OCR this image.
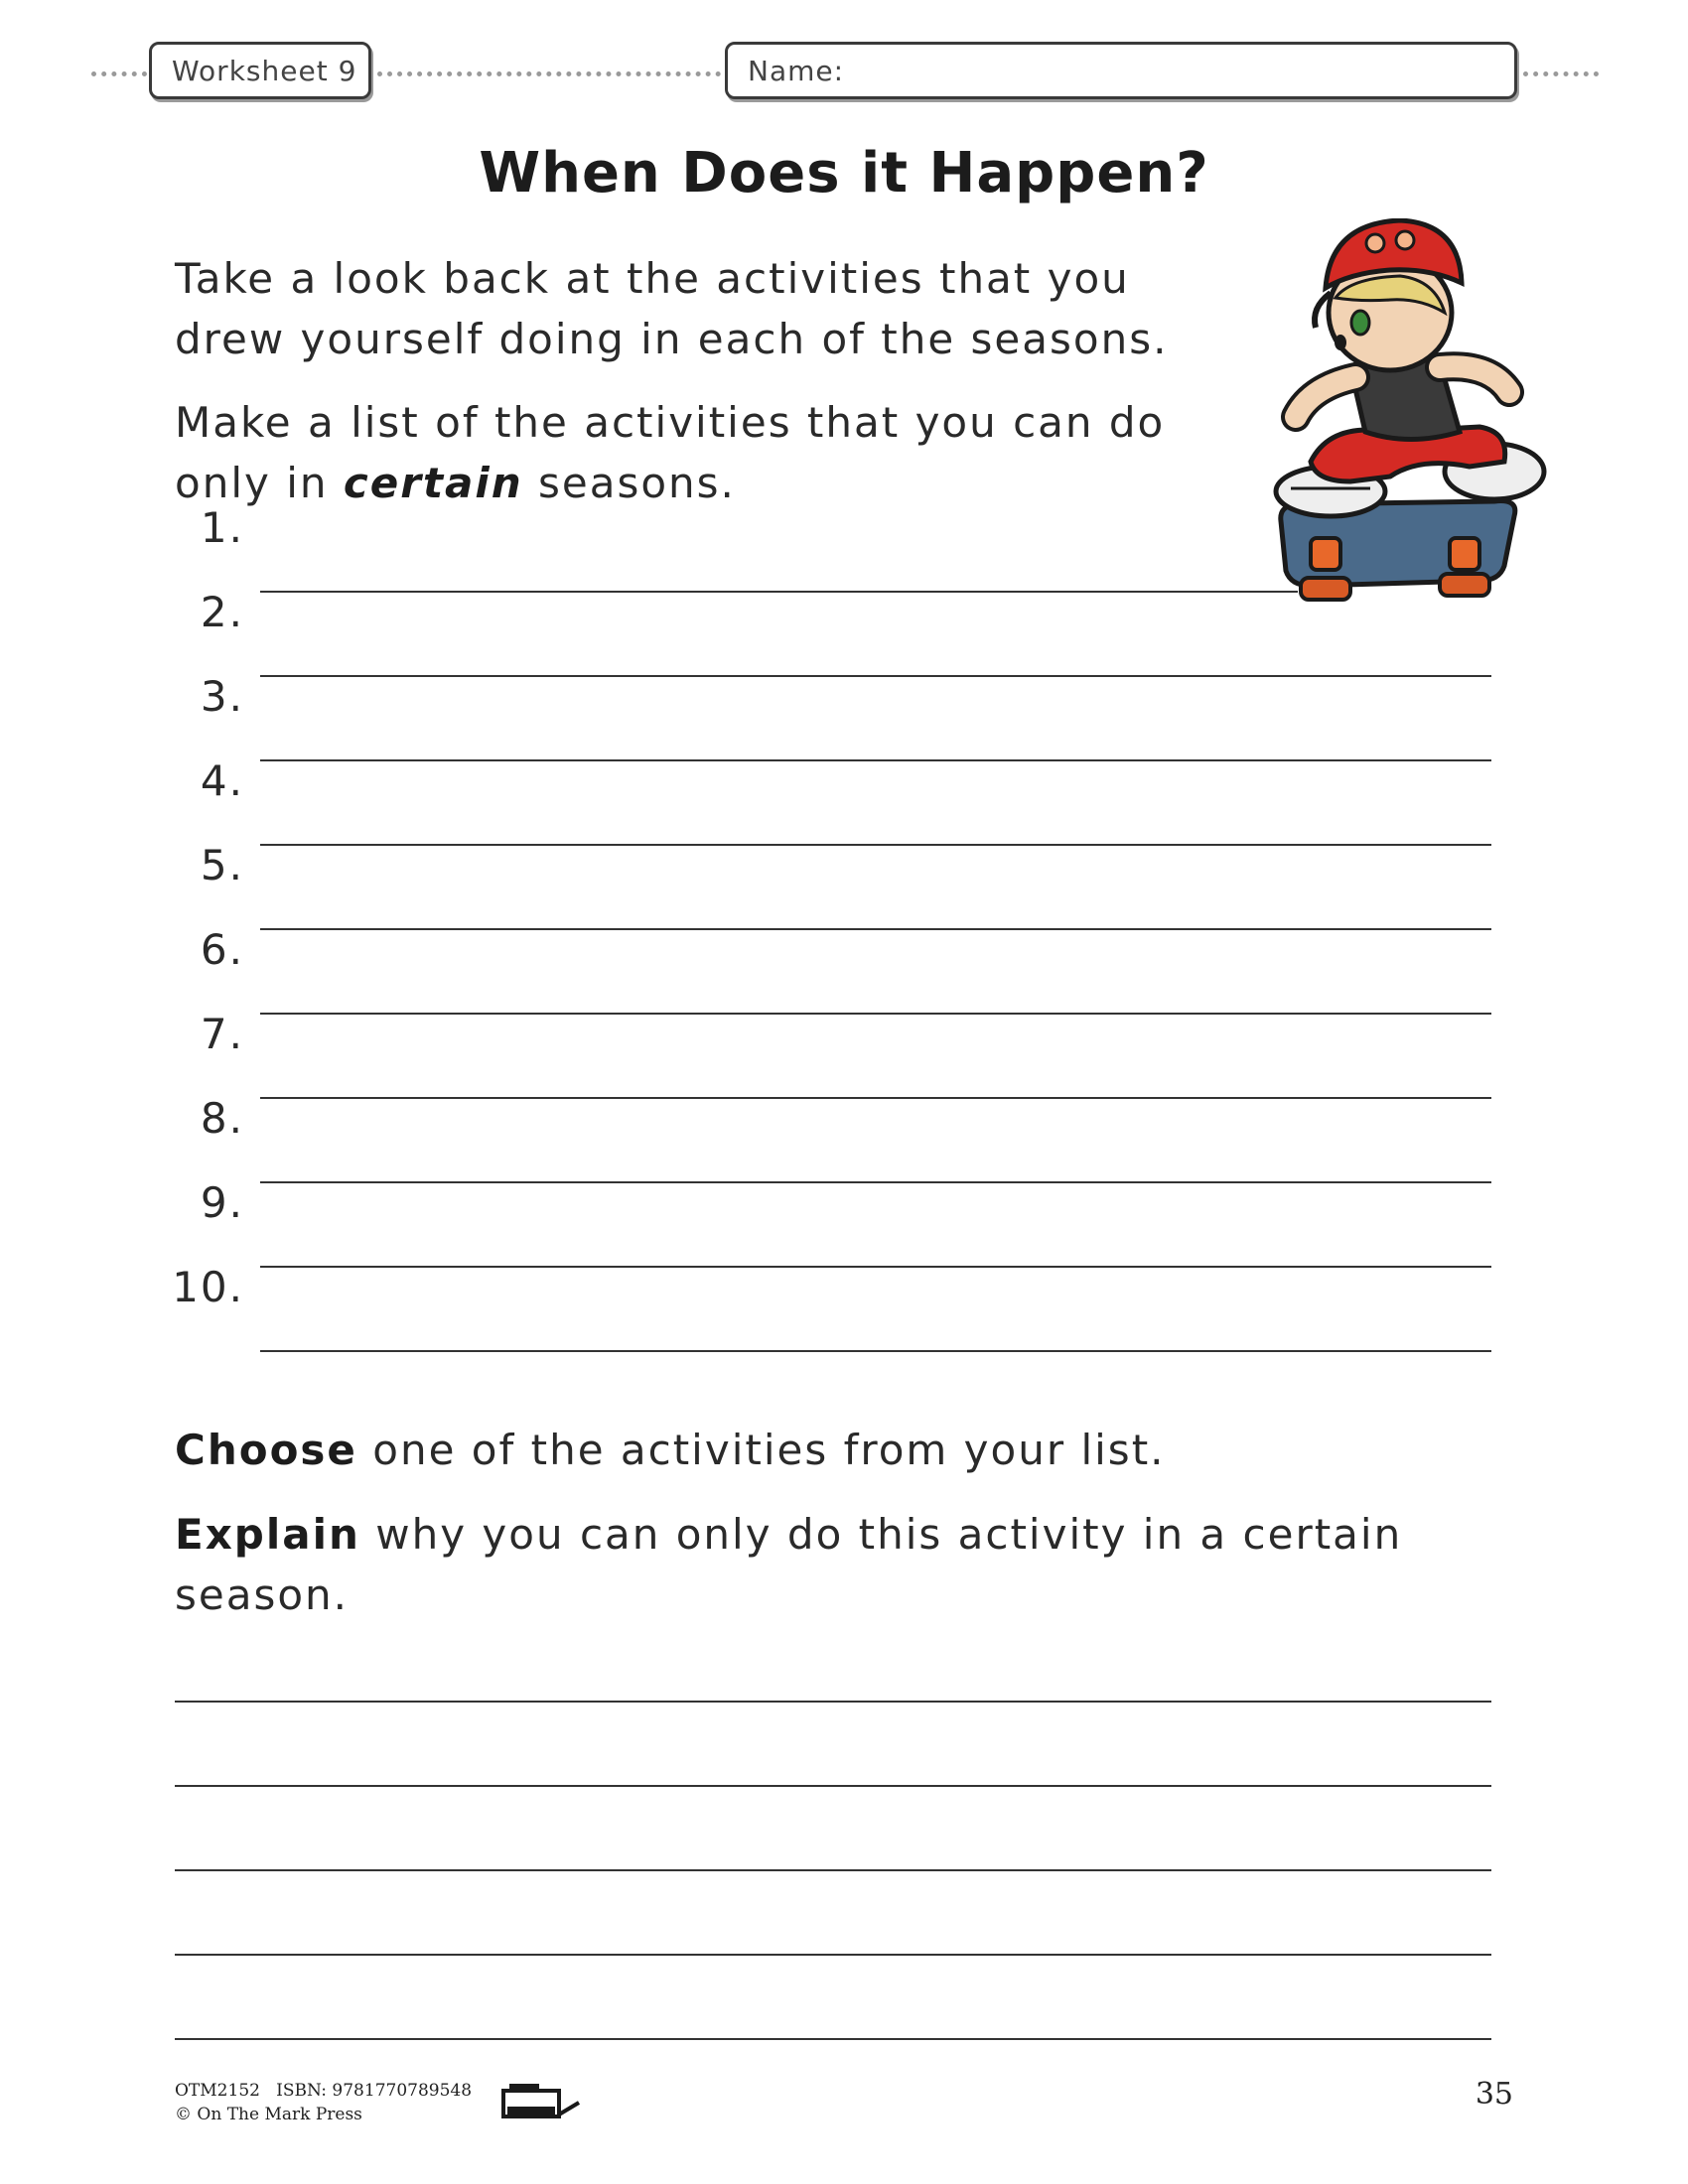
Worksheet 9	Name:
When Does it Happen?
Take a look back at the activities that you
drew yourself doing in each of the seasons.
Make a list of the activities that you can do
only in certain seasons.
1.
2.
3.
4.
5.
6.
7.
8.
9.
10.
Choose one of the activities from your list.
Explain why you can only do this activity in a certain
season.
OTM2152 ISBN: 9781770789548
© On The Mark Press
35
